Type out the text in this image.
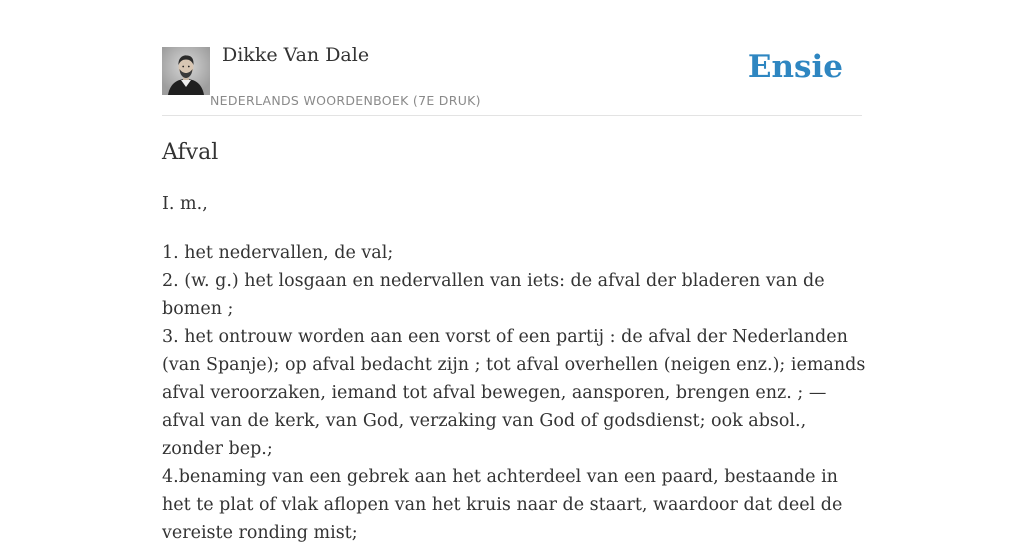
Dikke Van Dale
NEDERLANDS WOORDENBOEK (7E DRUK)
Ensie
Afval

I. m.,

1. het nedervallen, de val;
2. (w. g.) het losgaan en nedervallen van iets: de afval der bladeren van de bomen ;
3. het ontrouw worden aan een vorst of een partij : de afval der Nederlanden (van Spanje); op afval bedacht zijn ; tot afval overhellen (neigen enz.); iemands afval veroorzaken, iemand tot afval bewegen, aansporen, brengen enz. ; — afval van de kerk, van God, verzaking van God of godsdienst; ook absol., zonder bep.;
4.benaming van een gebrek aan het achterdeel van een paard, bestaande in het te plat of vlak aflopen van het kruis naar de staart, waardoor dat deel de vereiste ronding mist;
